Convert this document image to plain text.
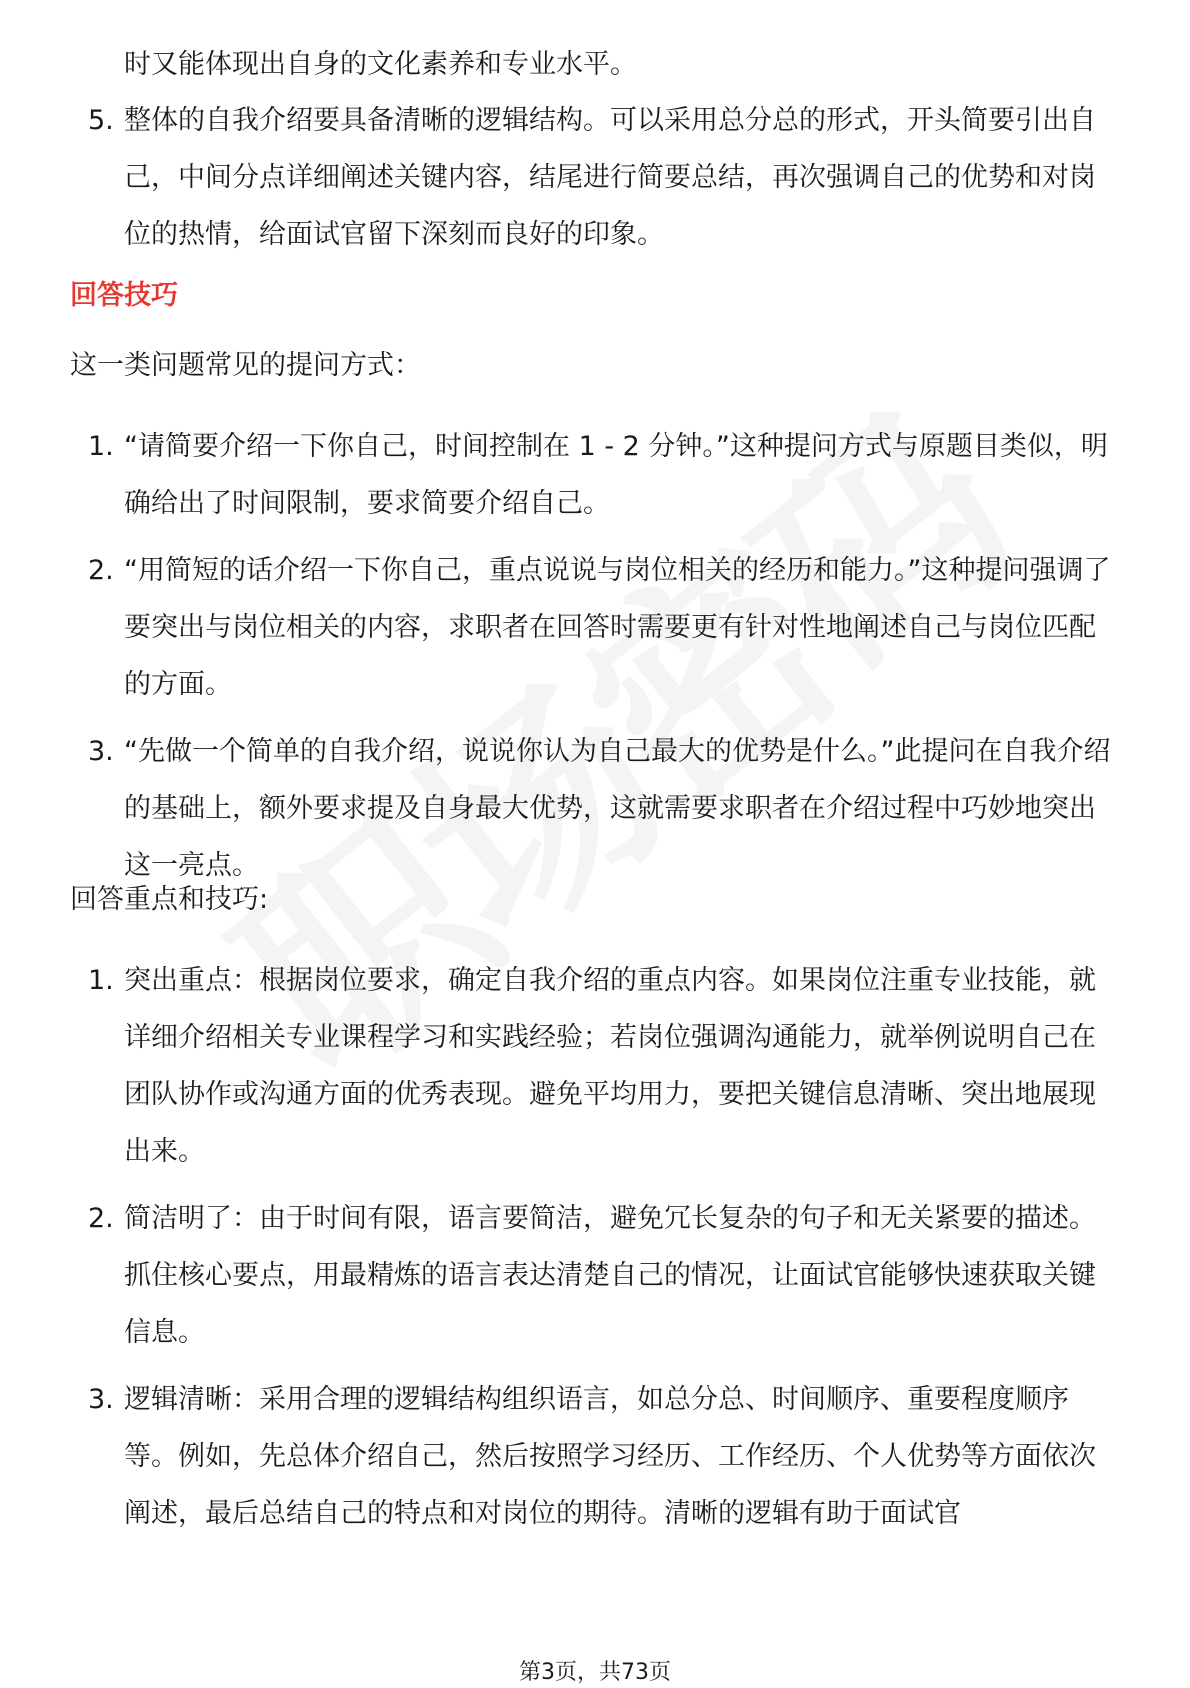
时又能体现出自身的文化素养和专业水平。
5. 整体的自我介绍要具备清晰的逻辑结构。可以采用总分总的形式，开头简要引出自己，中间分点详细阐述关键内容，结尾进行简要总结，再次强调自己的优势和对岗位的热情，给面试官留下深刻而良好的印象。
回答技巧
这一类问题常见的提问方式：
1. “请简要介绍一下你自己，时间控制在 1 - 2 分钟。”这种提问方式与原题目类似，明确给出了时间限制，要求简要介绍自己。
2. “用简短的话介绍一下你自己，重点说说与岗位相关的经历和能力。”这种提问强调了要突出与岗位相关的内容，求职者在回答时需要更有针对性地阐述自己与岗位匹配的方面。
3. “先做一个简单的自我介绍，说说你认为自己最大的优势是什么。”此提问在自我介绍的基础上，额外要求提及自身最大优势，这就需要求职者在介绍过程中巧妙地突出这一亮点。
回答重点和技巧:
1. 突出重点：根据岗位要求，确定自我介绍的重点内容。如果岗位注重专业技能，就详细介绍相关专业课程学习和实践经验；若岗位强调沟通能力，就举例说明自己在团队协作或沟通方面的优秀表现。避免平均用力，要把关键信息清晰、突出地展现出来。
2. 简洁明了：由于时间有限，语言要简洁，避免冗长复杂的句子和无关紧要的描述。抓住核心要点，用最精炼的语言表达清楚自己的情况，让面试官能够快速获取关键信息。
3. 逻辑清晰：采用合理的逻辑结构组织语言，如总分总、时间顺序、重要程度顺序等。例如，先总体介绍自己，然后按照学习经历、工作经历、个人优势等方面依次阐述，最后总结自己的特点和对岗位的期待。清晰的逻辑有助于面试官
第3页，共73页
